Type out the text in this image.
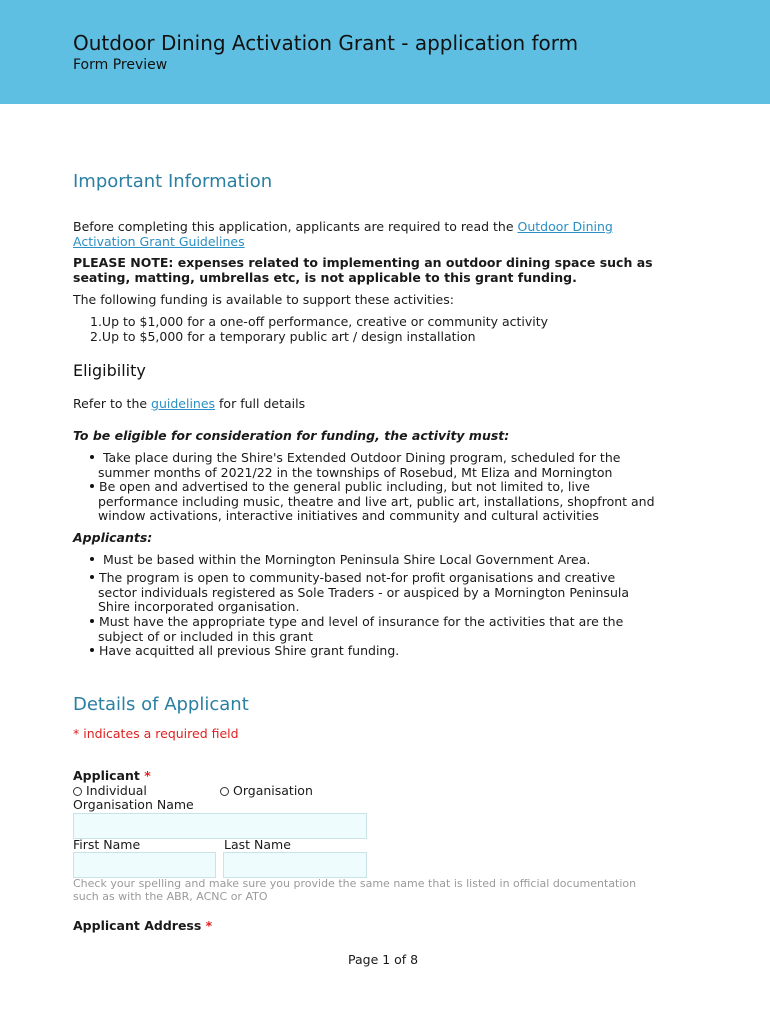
Outdoor Dining Activation Grant - application form
Form Preview
Important Information
Before completing this application, applicants are required to read the Outdoor Dining
Activation Grant Guidelines
PLEASE NOTE: expenses related to implementing an outdoor dining space such as
seating, matting, umbrellas etc, is not applicable to this grant funding.
The following funding is available to support these activities:
1.Up to $1,000 for a one-off performance, creative or community activity
2.Up to $5,000 for a temporary public art / design installation
Eligibility
Refer to the guidelines for full details
To be eligible for consideration for funding, the activity must:
Take place during the Shire's Extended Outdoor Dining program, scheduled for the
summer months of 2021/22 in the townships of Rosebud, Mt Eliza and Mornington
Be open and advertised to the general public including, but not limited to, live
performance including music, theatre and live art, public art, installations, shopfront and
window activations, interactive initiatives and community and cultural activities
Applicants:
Must be based within the Mornington Peninsula Shire Local Government Area.
The program is open to community-based not-for profit organisations and creative
sector individuals registered as Sole Traders - or auspiced by a Mornington Peninsula
Shire incorporated organisation.
Must have the appropriate type and level of insurance for the activities that are the
subject of or included in this grant
Have acquitted all previous Shire grant funding.
Details of Applicant
* indicates a required field
Applicant *
Individual	Organisation
Organisation Name
First Name	Last Name
Check your spelling and make sure you provide the same name that is listed in official documentation
such as with the ABR, ACNC or ATO
Applicant Address *
Page 1 of 8
